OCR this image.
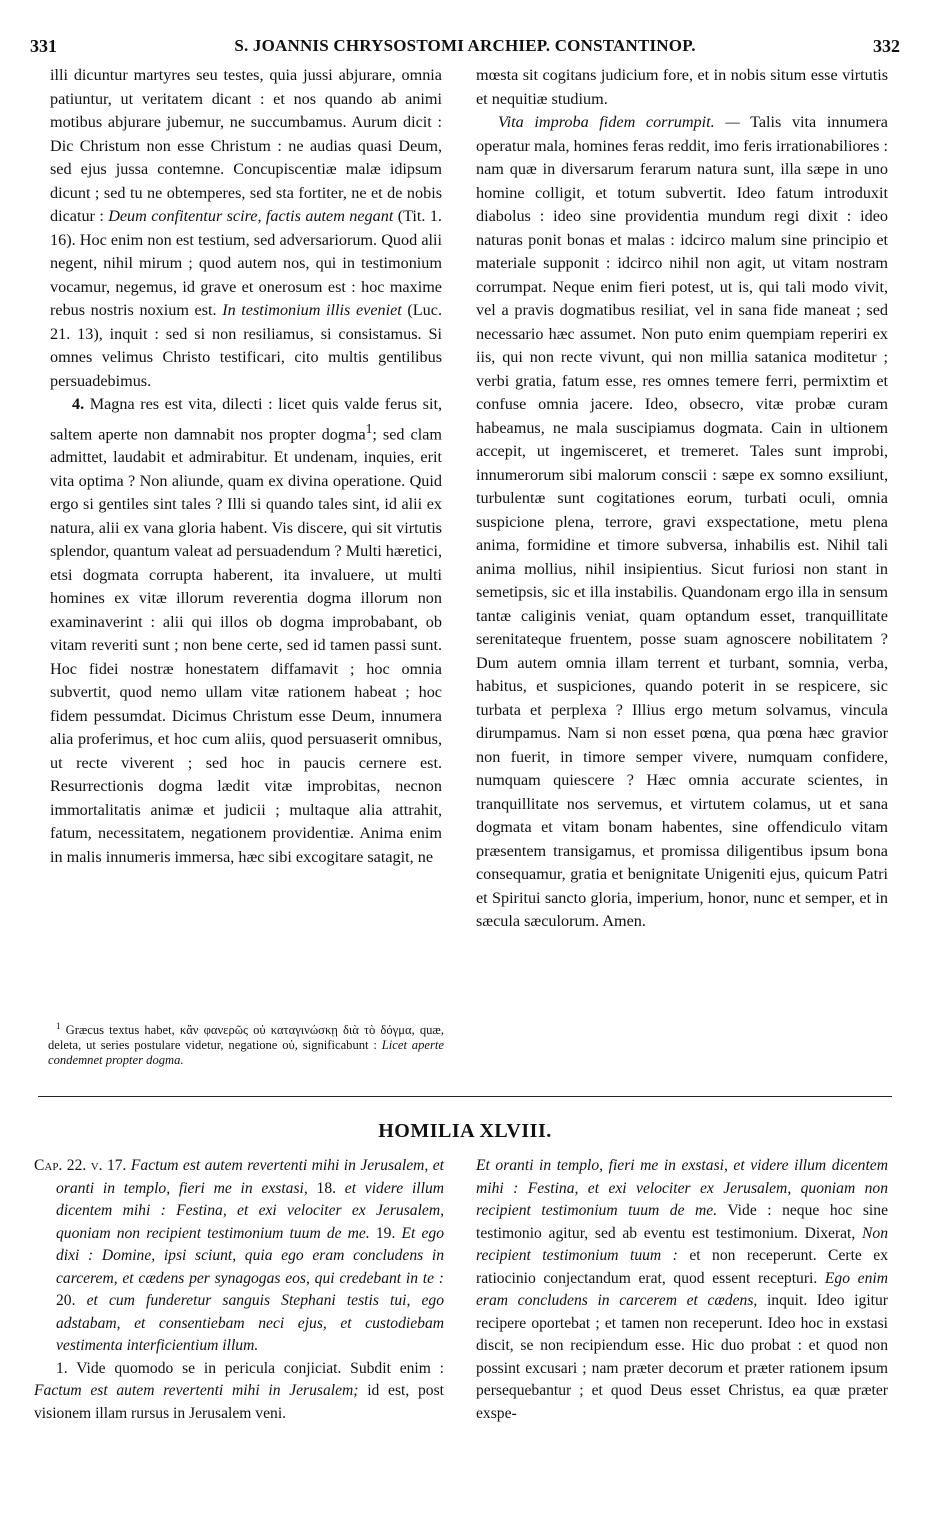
331	S. JOANNIS CHRYSOSTOMI ARCHIEP. CONSTANTINOP.	332

illi dicuntur martyres seu testes, quia jussi abjurare, omnia patiuntur, ut veritatem dicant : et nos quando ab animi motibus abjurare jubemur, ne succumbamus. Aurum dicit : Dic Christum non esse Christum : ne audias quasi Deum, sed ejus jussa contemne. Concupiscentiæ malæ idipsum dicunt ; sed tu ne obtemperes, sed sta fortiter, ne et de nobis dicatur : Deum confitentur scire, factis autem negant (Tit. 1. 16). Hoc enim non est testium, sed adversariorum. Quod alii negent, nihil mirum ; quod autem nos, qui in testimonium vocamur, negemus, id grave et onerosum est : hoc maxime rebus nostris noxium est. In testimonium illis eveniet (Luc. 21. 13), inquit : sed si non resiliamus, si consistamus. Si omnes velimus Christo testificari, cito multis gentilibus persuadebimus.

4. Magna res est vita, dilecti : licet quis valde ferus sit, saltem aperte non damnabit nos propter dogma$^1$; sed clam admittet, laudabit et admirabitur. Et undenam, inquies, erit vita optima ? Non aliunde, quam ex divina operatione. Quid ergo si gentiles sint tales ? Illi si quando tales sint, id alii ex natura, alii ex vana gloria habent. Vis discere, qui sit virtutis splendor, quantum valeat ad persuadendum ? Multi hæretici, etsi dogmata corrupta haberent, ita invaluere, ut multi homines ex vitæ illorum reverentia dogma illorum non examinaverint : alii qui illos ob dogma improbabant, ob vitam reveriti sunt ; non bene certe, sed id tamen passi sunt. Hoc fidei nostræ honestatem diffamavit ; hoc omnia subvertit, quod nemo ullam vitæ rationem habeat ; hoc fidem pessumdat. Dicimus Christum esse Deum, innumera alia proferimus, et hoc cum aliis, quod persuaserit omnibus, ut recte viverent ; sed hoc in paucis cernere est. Resurrectionis dogma lædit vitæ improbitas, necnon immortalitatis animæ et judicii ; multaque alia attrahit, fatum, necessitatem, negationem providentiæ. Anima enim in malis innumeris immersa, hæc sibi excogitare satagit, ne

$^1$ Græcus textus habet, κἂν φανερῶς οὐ καταγινώσκῃ διὰ τὸ δόγμα, quæ, deleta, ut series postulare videtur, negatione οὐ, significabunt : Licet aperte condemnet propter dogma.

mœsta sit cogitans judicium fore, et in nobis situm esse virtutis et nequitiæ studium.

Vita improba fidem corrumpit. — Talis vita innumera operatur mala, homines feras reddit, imo feris irrationabiliores : nam quæ in diversarum ferarum natura sunt, illa sæpe in uno homine colligit, et totum subvertit. Ideo fatum introduxit diabolus : ideo sine providentia mundum regi dixit : ideo naturas ponit bonas et malas : idcirco malum sine principio et materiale supponit : idcirco nihil non agit, ut vitam nostram corrumpat. Neque enim fieri potest, ut is, qui tali modo vivit, vel a pravis dogmatibus resiliat, vel in sana fide maneat ; sed necessario hæc assumet. Non puto enim quempiam reperiri ex iis, qui non recte vivunt, qui non millia satanica moditetur ; verbi gratia, fatum esse, res omnes temere ferri, permixtim et confuse omnia jacere. Ideo, obsecro, vitæ probæ curam habeamus, ne mala suscipiamus dogmata. Cain in ultionem accepit, ut ingemisceret, et tremeret. Tales sunt improbi, innumerorum sibi malorum conscii : sæpe ex somno exsiliunt, turbulentæ sunt cogitationes eorum, turbati oculi, omnia suspicione plena, terrore, gravi exspectatione, metu plena anima, formidine et timore subversa, inhabilis est. Nihil tali anima mollius, nihil insipientius. Sicut furiosi non stant in semetipsis, sic et illa instabilis. Quandonam ergo illa in sensum tantæ caliginis veniat, quam optandum esset, tranquillitate serenitateque fruentem, posse suam agnoscere nobilitatem ? Dum autem omnia illam terrent et turbant, somnia, verba, habitus, et suspiciones, quando poterit in se respicere, sic turbata et perplexa ? Illius ergo metum solvamus, vincula dirumpamus. Nam si non esset pœna, qua pœna hæc gravior non fuerit, in timore semper vivere, numquam confidere, numquam quiescere ? Hæc omnia accurate scientes, in tranquillitate nos servemus, et virtutem colamus, ut et sana dogmata et vitam bonam habentes, sine offendiculo vitam præsentem transigamus, et promissa diligentibus ipsum bona consequamur, gratia et benignitate Unigeniti ejus, quicum Patri et Spiritui sancto gloria, imperium, honor, nunc et semper, et in sæcula sæculorum. Amen.

HOMILIA XLVIII.

Cap. 22. v. 17. Factum est autem revertenti mihi in Jerusalem, et oranti in templo, fieri me in exstasi, 18. et videre illum dicentem mihi : Festina, et exi velociter ex Jerusalem, quoniam non recipient testimonium tuum de me. 19. Et ego dixi : Domine, ipsi sciunt, quia ego eram concludens in carcerem, et cædens per synagogas eos, qui credebant in te : 20. et cum funderetur sanguis Stephani testis tui, ego adstabam, et consentiebam neci ejus, et custodiebam vestimenta interficientium illum.

1. Vide quomodo se in pericula conjiciat. Subdit enim : Factum est autem revertenti mihi in Jerusalem; id est, post visionem illam rursus in Jerusalem veni.

Et oranti in templo, fieri me in exstasi, et videre illum dicentem mihi : Festina, et exi velociter ex Jerusalem, quoniam non recipient testimonium tuum de me. Vide : neque hoc sine testimonio agitur, sed ab eventu est testimonium. Dixerat, Non recipient testimonium tuum : et non receperunt. Certe ex ratiocinio conjectandum erat, quod essent recepturi. Ego enim eram concludens in carcerem et cædens, inquit. Ideo igitur recipere oportebat ; et tamen non receperunt. Ideo hoc in exstasi discit, se non recipiendum esse. Hic duo probat : et quod non possint excusari ; nam præter decorum et præter rationem ipsum persequebantur ; et quod Deus esset Christus, ea quæ præter exspe-
